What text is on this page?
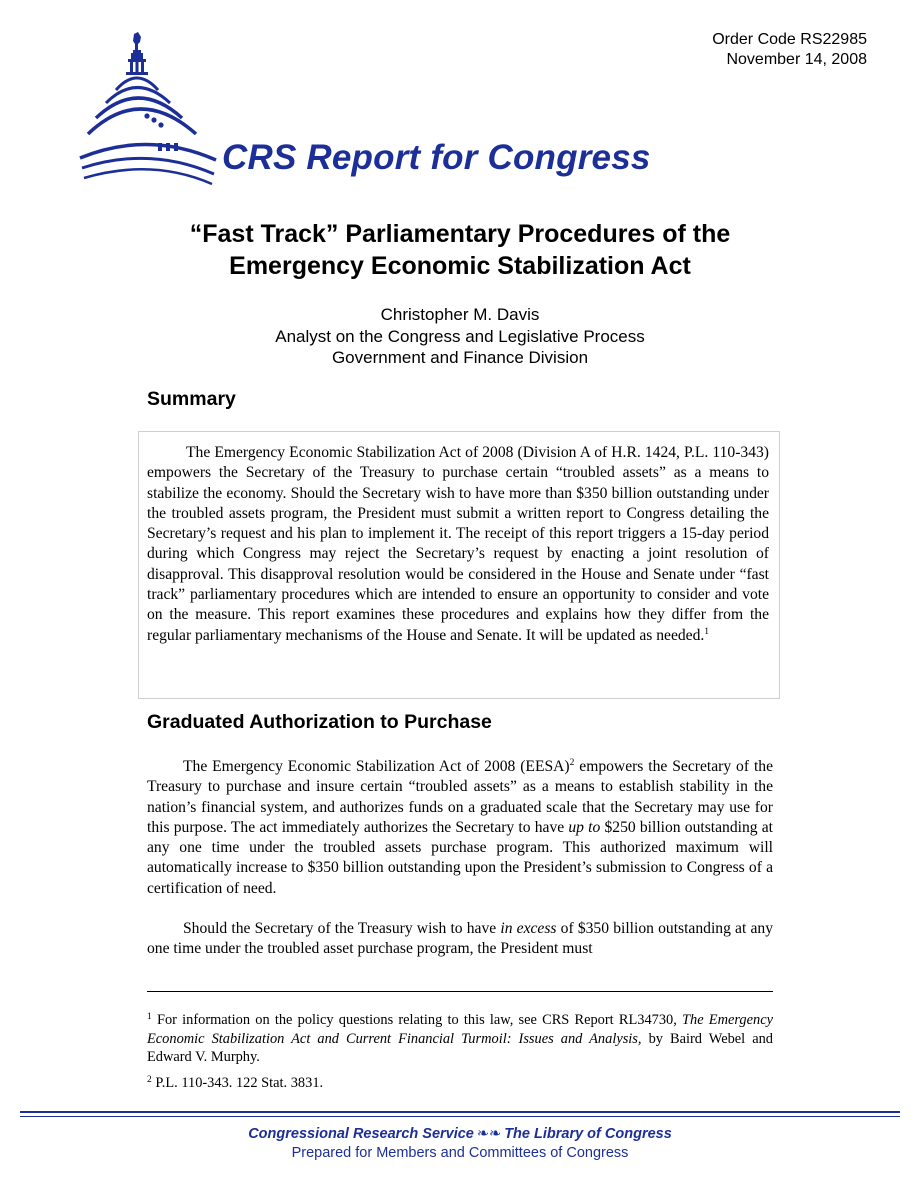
Order Code RS22985
November 14, 2008
CRS Report for Congress
“Fast Track” Parliamentary Procedures of the
Emergency Economic Stabilization Act
Christopher M. Davis
Analyst on the Congress and Legislative Process
Government and Finance Division
Summary
The Emergency Economic Stabilization Act of 2008 (Division A of H.R. 1424, P.L. 110-343) empowers the Secretary of the Treasury to purchase certain “troubled assets” as a means to stabilize the economy. Should the Secretary wish to have more than $350 billion outstanding under the troubled assets program, the President must submit a written report to Congress detailing the Secretary’s request and his plan to implement it. The receipt of this report triggers a 15-day period during which Congress may reject the Secretary’s request by enacting a joint resolution of disapproval. This disapproval resolution would be considered in the House and Senate under “fast track” parliamentary procedures which are intended to ensure an opportunity to consider and vote on the measure. This report examines these procedures and explains how they differ from the regular parliamentary mechanisms of the House and Senate. It will be updated as needed.$^1$
Graduated Authorization to Purchase
The Emergency Economic Stabilization Act of 2008 (EESA)$^2$ empowers the Secretary of the Treasury to purchase and insure certain “troubled assets” as a means to establish stability in the nation’s financial system, and authorizes funds on a graduated scale that the Secretary may use for this purpose. The act immediately authorizes the Secretary to have up to $250 billion outstanding at any one time under the troubled assets purchase program. This authorized maximum will automatically increase to $350 billion outstanding upon the President’s submission to Congress of a certification of need.
Should the Secretary of the Treasury wish to have in excess of $350 billion outstanding at any one time under the troubled asset purchase program, the President must
$^1$ For information on the policy questions relating to this law, see CRS Report RL34730, The Emergency Economic Stabilization Act and Current Financial Turmoil: Issues and Analysis, by Baird Webel and Edward V. Murphy.
$^2$ P.L. 110-343. 122 Stat. 3831.
Congressional Research Service ❧❧ The Library of Congress
Prepared for Members and Committees of Congress
